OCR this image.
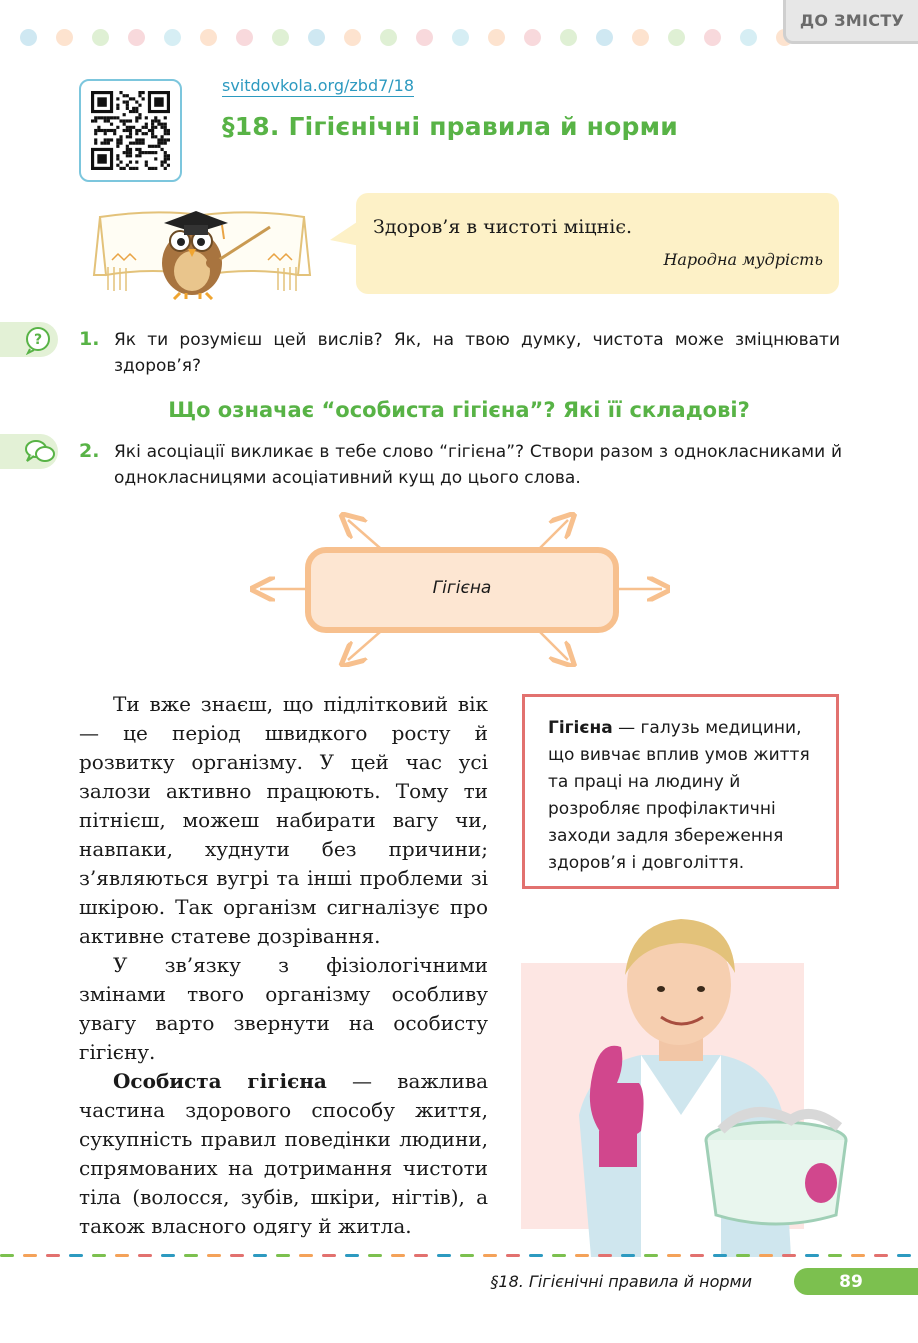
ДО ЗМІСТУ
svitdovkola.org/zbd7/18
§18. Гігієнічні правила й норми
Здоров’я в чистоті міцніє.
Народна мудрість
? 1. Як ти розумієш цей вислів? Як, на твою думку, чистота може зміцнювати здоров’я?
Що означає “особиста гігієна”? Які її складові?
2. Які асоціації викликає в тебе слово “гігієна”? Створи разом з однокласниками й однокласницями асоціативний кущ до цього слова.
Гігієна

Ти вже знаєш, що підлітковий вік — це період швидкого росту й розвитку організму. У цей час усі залози активно працюють. Тому ти пітнієш, можеш набирати вагу чи, навпаки, худнути без причини; з’являються вугрі та інші проблеми зі шкірою. Так організм сигналізує про активне статеве дозрівання.

У зв’язку з фізіологічними змінами твого організму особливу увагу варто звернути на особисту гігієну.

Особиста гігієна — важлива частина здорового способу життя, сукупність правил поведінки людини, спрямованих на дотримання чистоти тіла (волосся, зубів, шкіри, нігтів), а також власного одягу й житла.

Гігієна — галузь медицини, що вивчає вплив умов життя та праці на людину й розробляє профілактичні заходи задля збереження здоров’я і довголіття.
§18. Гігієнічні правила й норми	89
